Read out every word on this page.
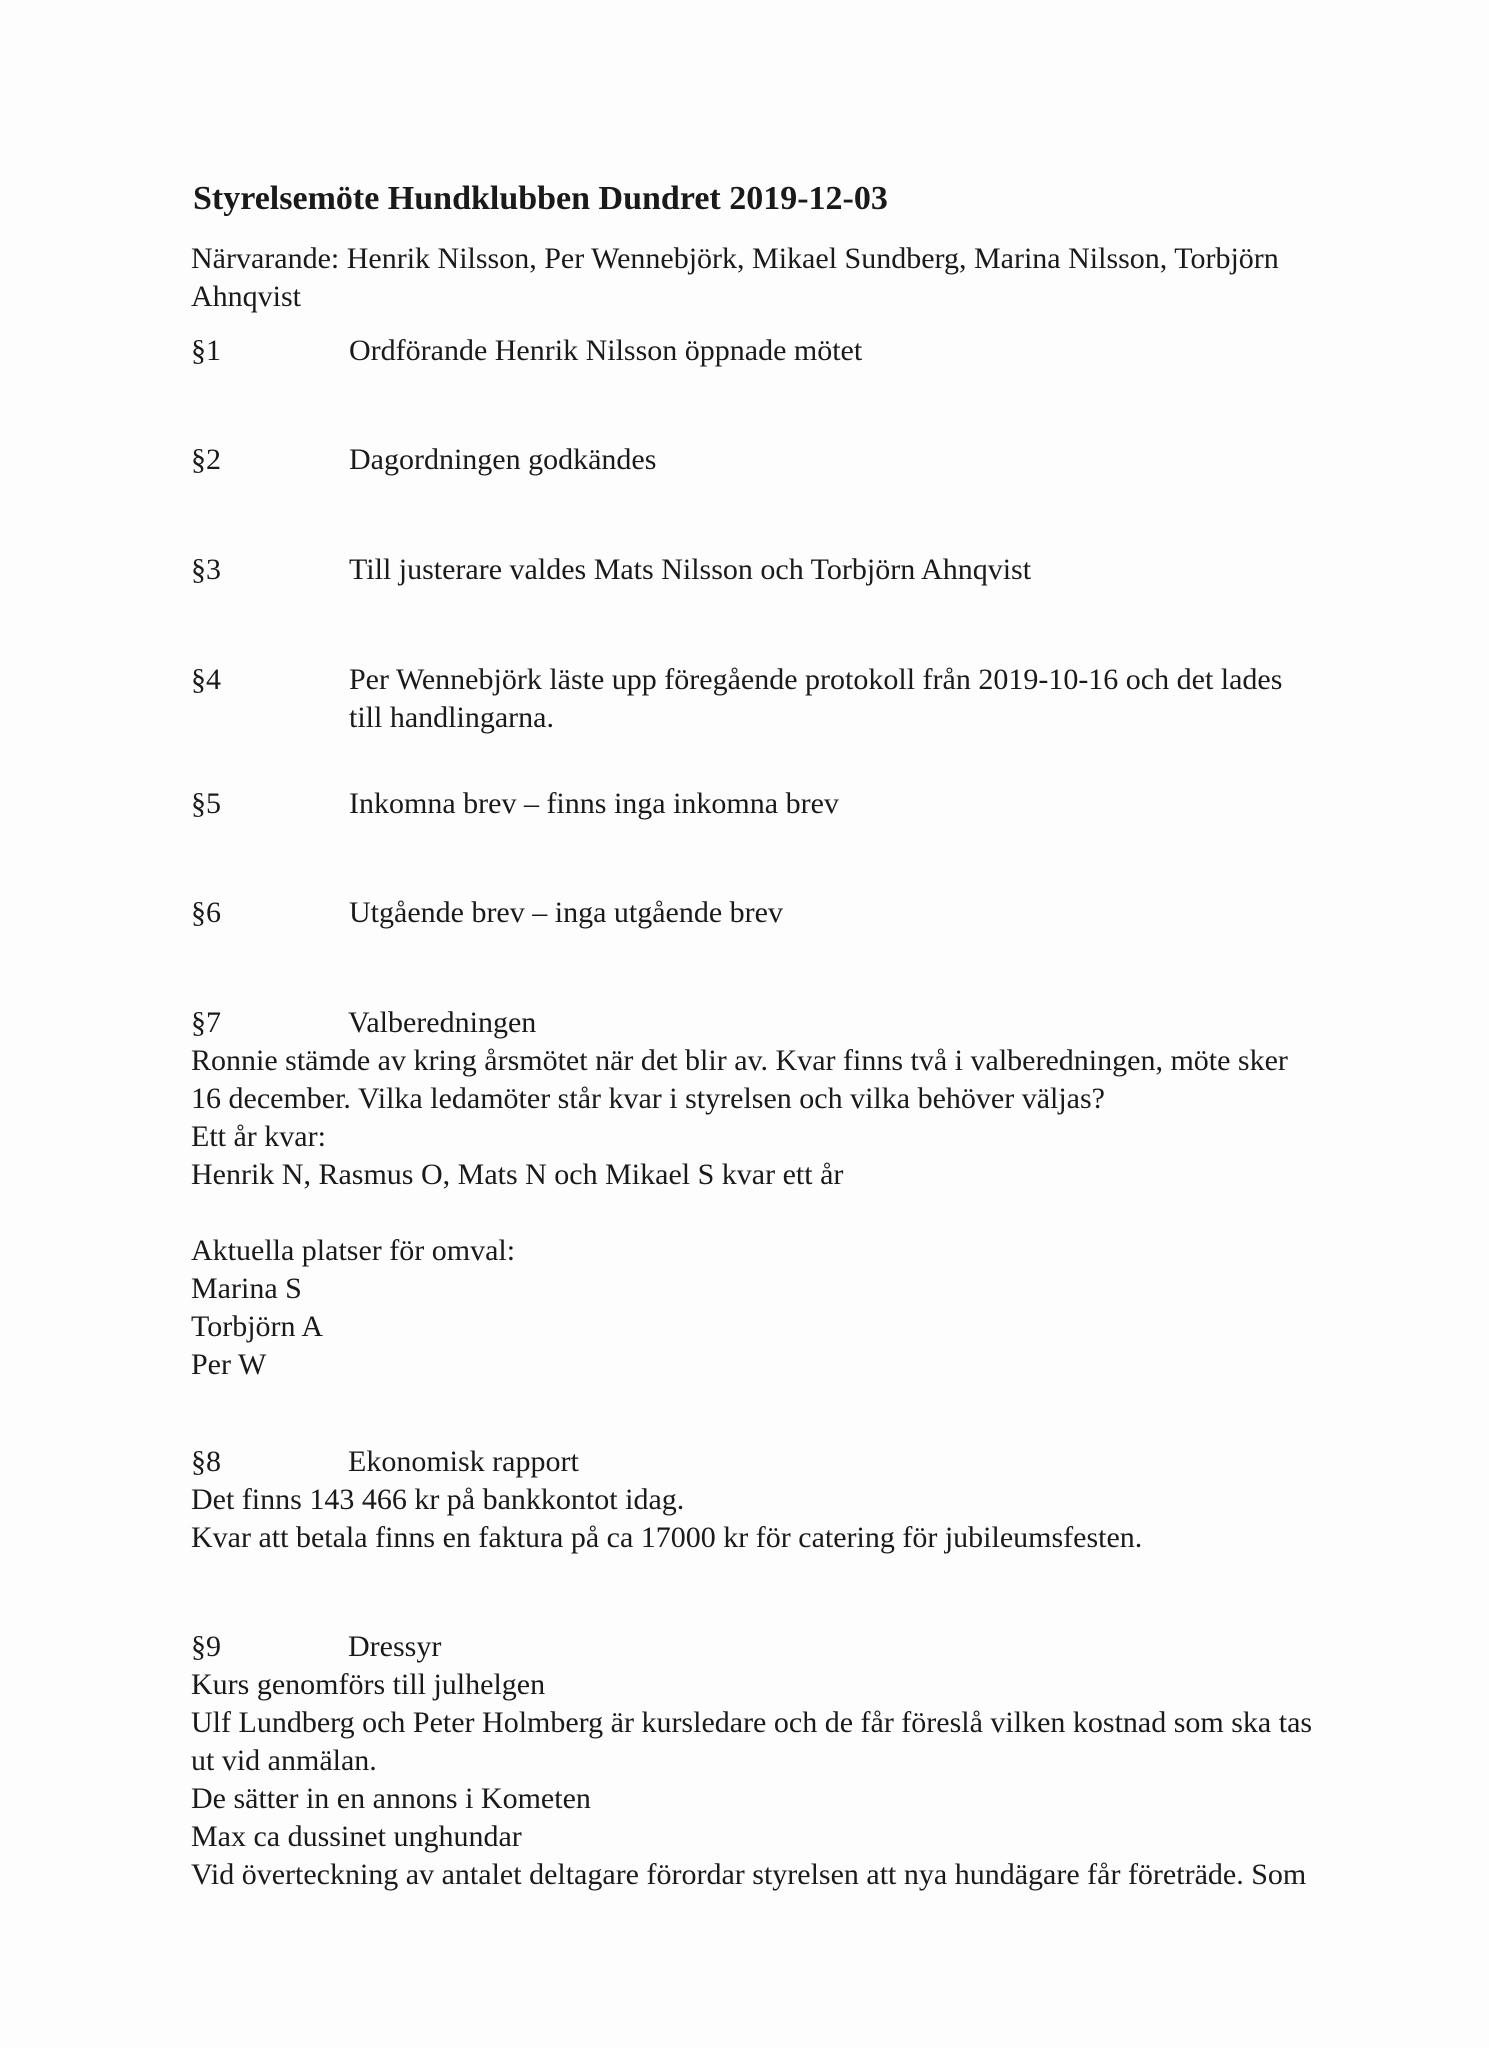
Styrelsemöte Hundklubben Dundret 2019-12-03
Närvarande: Henrik Nilsson, Per Wennebjörk, Mikael Sundberg, Marina Nilsson, Torbjörn Ahnqvist
§1	Ordförande Henrik Nilsson öppnade mötet
§2	Dagordningen godkändes
§3	Till justerare valdes Mats Nilsson och Torbjörn Ahnqvist
§4	Per Wennebjörk läste upp föregående protokoll från 2019-10-16 och det lades till handlingarna.
§5	Inkomna brev – finns inga inkomna brev
§6	Utgående brev – inga utgående brev
§7	Valberedningen
Ronnie stämde av kring årsmötet när det blir av. Kvar finns två i valberedningen, möte sker
16 december. Vilka ledamöter står kvar i styrelsen och vilka behöver väljas?
Ett år kvar:
Henrik N, Rasmus O, Mats N och Mikael S kvar ett år
Aktuella platser för omval:
Marina S
Torbjörn A
Per W
§8	Ekonomisk rapport
Det finns 143 466 kr på bankkontot idag.
Kvar att betala finns en faktura på ca 17000 kr för catering för jubileumsfesten.
§9	Dressyr
Kurs genomförs till julhelgen
Ulf Lundberg och Peter Holmberg är kursledare och de får föreslå vilken kostnad som ska tas
ut vid anmälan.
De sätter in en annons i Kometen
Max ca dussinet unghundar
Vid överteckning av antalet deltagare förordar styrelsen att nya hundägare får företräde. Som
